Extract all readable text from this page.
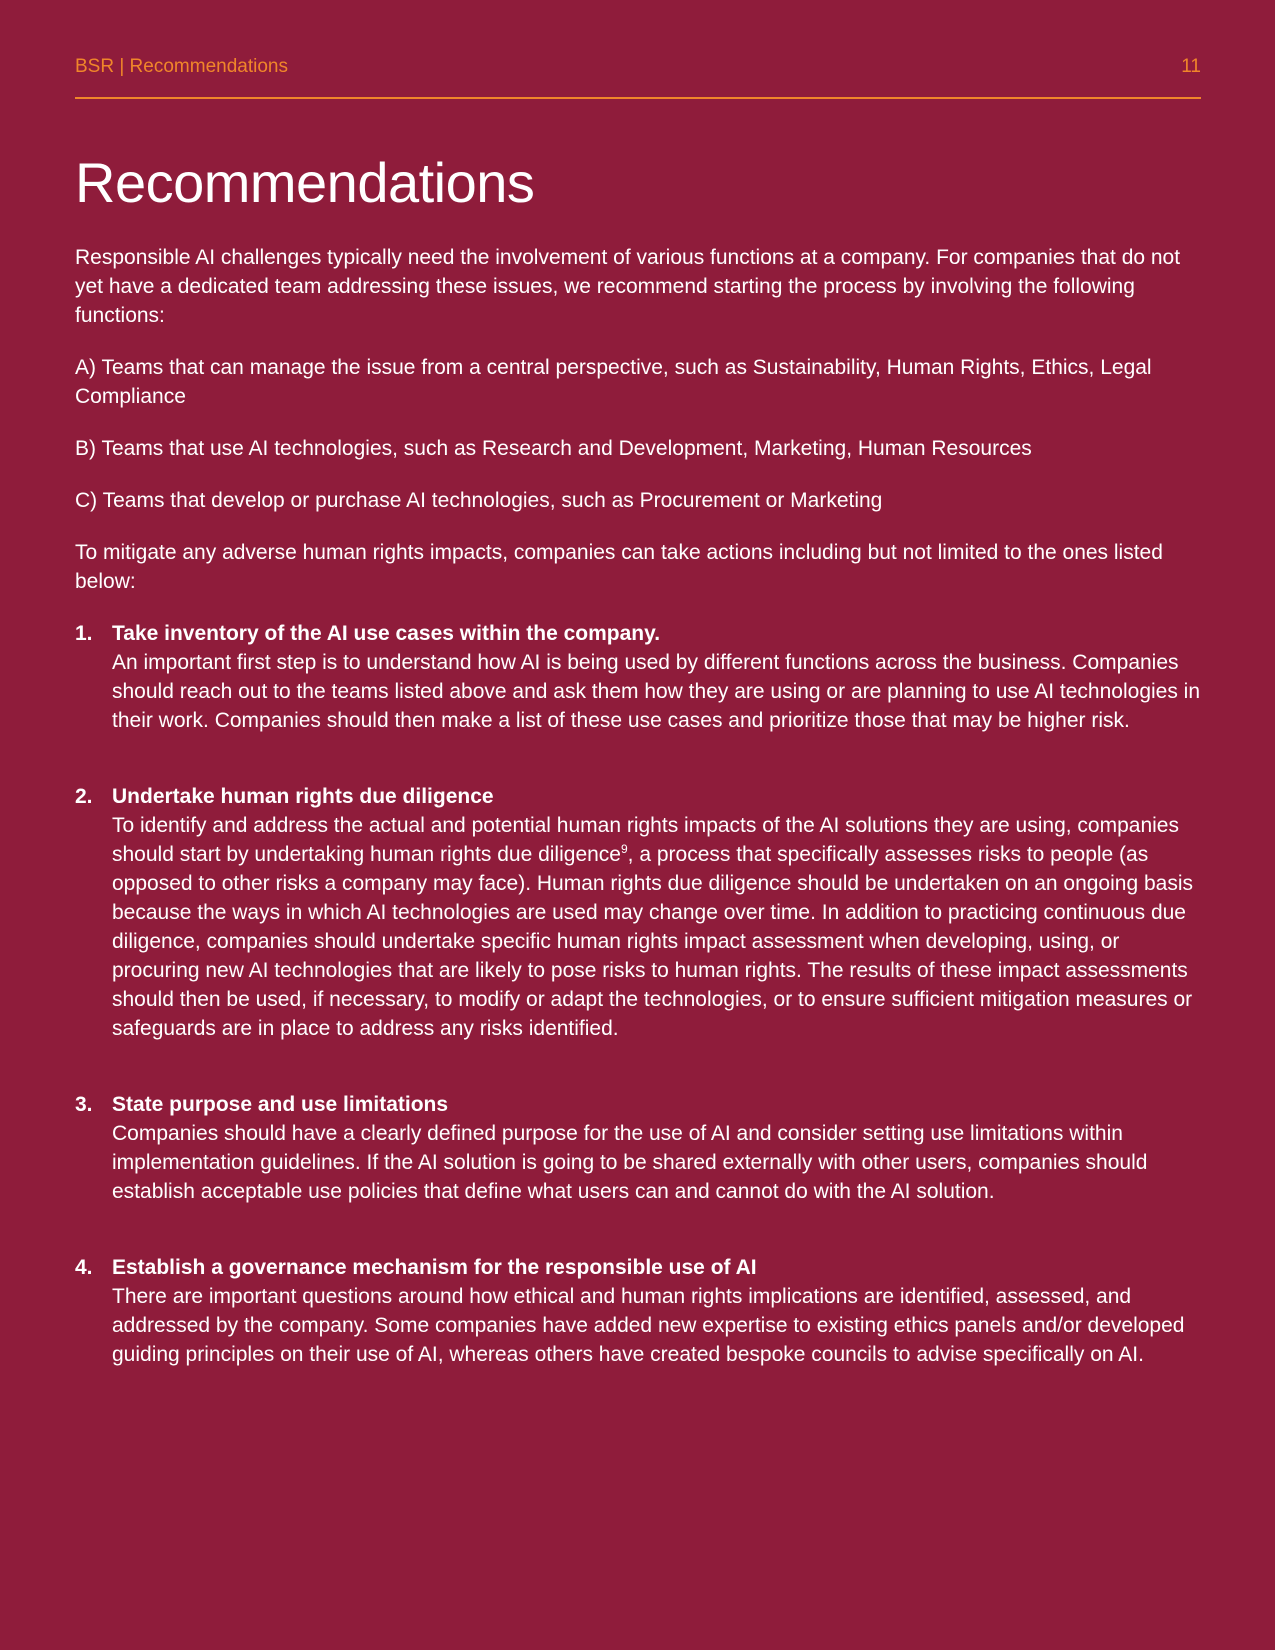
BSR | Recommendations	11
Recommendations

Responsible AI challenges typically need the involvement of various functions at a company. For companies that do not yet have a dedicated team addressing these issues, we recommend starting the process by involving the following functions:

A) Teams that can manage the issue from a central perspective, such as Sustainability, Human Rights, Ethics, Legal Compliance

B) Teams that use AI technologies, such as Research and Development, Marketing, Human Resources

C) Teams that develop or purchase AI technologies, such as Procurement or Marketing

To mitigate any adverse human rights impacts, companies can take actions including but not limited to the ones listed below:

1. Take inventory of the AI use cases within the company.
An important first step is to understand how AI is being used by different functions across the business. Companies should reach out to the teams listed above and ask them how they are using or are planning to use AI technologies in their work. Companies should then make a list of these use cases and prioritize those that may be higher risk.
2. Undertake human rights due diligence
To identify and address the actual and potential human rights impacts of the AI solutions they are using, companies should start by undertaking human rights due diligence$^9$, a process that specifically assesses risks to people (as opposed to other risks a company may face). Human rights due diligence should be undertaken on an ongoing basis because the ways in which AI technologies are used may change over time. In addition to practicing continuous due diligence, companies should undertake specific human rights impact assessment when developing, using, or procuring new AI technologies that are likely to pose risks to human rights. The results of these impact assessments should then be used, if necessary, to modify or adapt the technologies, or to ensure sufficient mitigation measures or safeguards are in place to address any risks identified.
3. State purpose and use limitations
Companies should have a clearly defined purpose for the use of AI and consider setting use limitations within implementation guidelines. If the AI solution is going to be shared externally with other users, companies should establish acceptable use policies that define what users can and cannot do with the AI solution.
4. Establish a governance mechanism for the responsible use of AI
There are important questions around how ethical and human rights implications are identified, assessed, and addressed by the company. Some companies have added new expertise to existing ethics panels and/or developed guiding principles on their use of AI, whereas others have created bespoke councils to advise specifically on AI.
